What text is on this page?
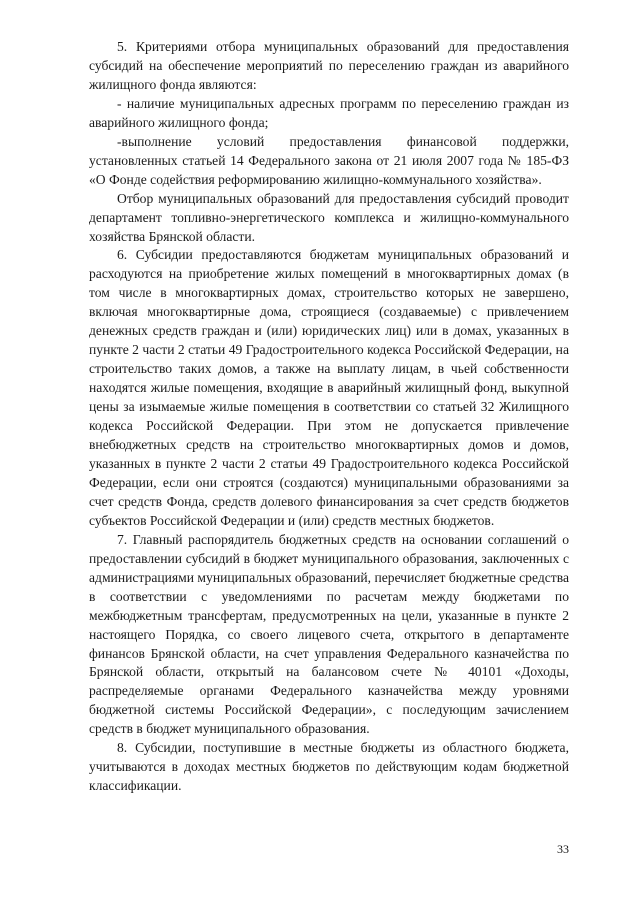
5. Критериями отбора муниципальных образований для предоставления субсидий на обеспечение мероприятий по переселению граждан из аварийного жилищного фонда являются:

- наличие муниципальных адресных программ по переселению граждан из аварийного жилищного фонда;

-выполнение условий предоставления финансовой поддержки, установленных статьей 14 Федерального закона от 21 июля 2007 года № 185-ФЗ «О Фонде содействия реформированию жилищно-коммунального хозяйства».

Отбор муниципальных образований для предоставления субсидий проводит департамент топливно-энергетического комплекса и жилищно-коммунального хозяйства Брянской области.

6. Субсидии предоставляются бюджетам муниципальных образований и расходуются на приобретение жилых помещений в многоквартирных домах (в том числе в многоквартирных домах, строительство которых не завершено, включая многоквартирные дома, строящиеся (создаваемые) с привлечением денежных средств граждан и (или) юридических лиц) или в домах, указанных в пункте 2 части 2 статьи 49 Градостроительного кодекса Российской Федерации, на строительство таких домов, а также на выплату лицам, в чьей собственности находятся жилые помещения, входящие в аварийный жилищный фонд, выкупной цены за изымаемые жилые помещения в соответствии со статьей 32 Жилищного кодекса Российской Федерации. При этом не допускается привлечение внебюджетных средств на строительство многоквартирных домов и домов, указанных в пункте 2 части 2 статьи 49 Градостроительного кодекса Российской Федерации, если они строятся (создаются) муниципальными образованиями за счет средств Фонда, средств долевого финансирования за счет средств бюджетов субъектов Российской Федерации и (или) средств местных бюджетов.

7. Главный распорядитель бюджетных средств на основании соглашений о предоставлении субсидий в бюджет муниципального образования, заключенных с администрациями муниципальных образований, перечисляет бюджетные средства в соответствии с уведомлениями по расчетам между бюджетами по межбюджетным трансфертам, предусмотренных на цели, указанные в пункте 2 настоящего Порядка, со своего лицевого счета, открытого в департаменте финансов Брянской области, на счет управления Федерального казначейства по Брянской области, открытый на балансовом счете № 40101 «Доходы, распределяемые органами Федерального казначейства между уровнями бюджетной системы Российской Федерации», с последующим зачислением средств в бюджет муниципального образования.

8. Субсидии, поступившие в местные бюджеты из областного бюджета, учитываются в доходах местных бюджетов по действующим кодам бюджетной классификации.

33
